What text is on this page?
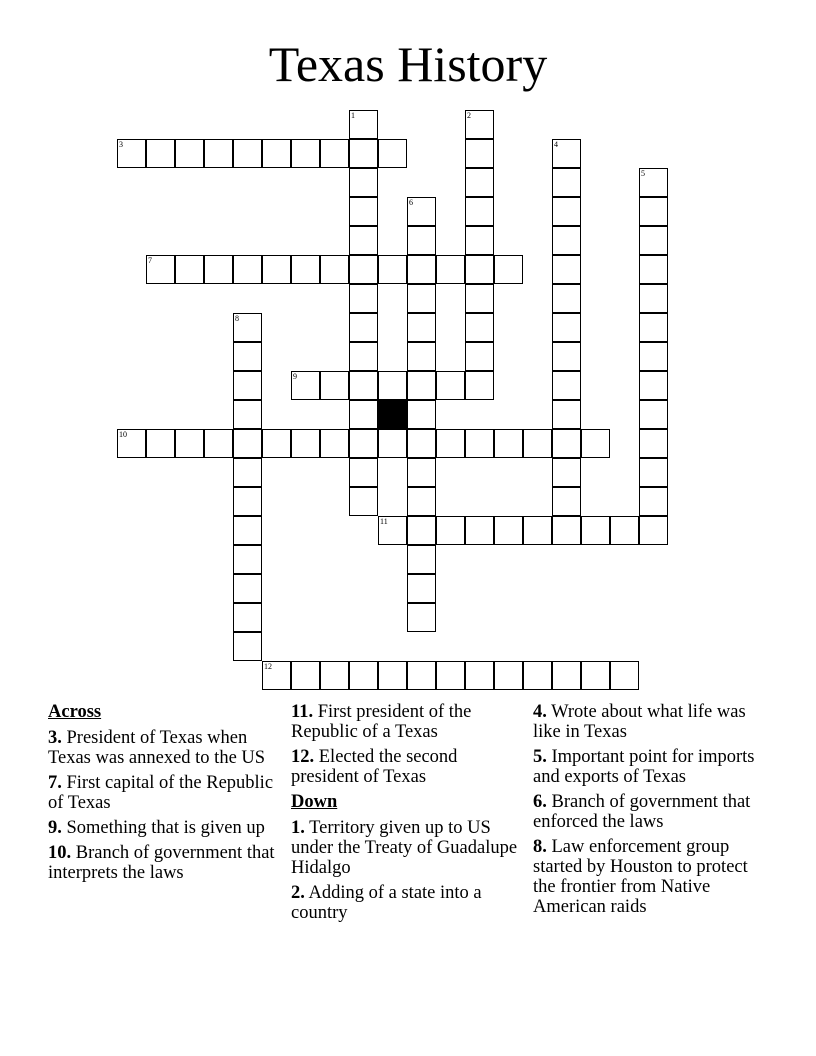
Texas History
1	2
3	4
5
6
7
8
9
10
11
12
Across
3. President of Texas when Texas was annexed to the US
7. First capital of the Republic of Texas
9. Something that is given up
10. Branch of government that interprets the laws
11. First president of the Republic of a Texas
12. Elected the second president of Texas
Down
1. Territory given up to US under the Treaty of Guadalupe Hidalgo
2. Adding of a state into a country
4. Wrote about what life was like in Texas
5. Important point for imports and exports of Texas
6. Branch of government that enforced the laws
8. Law enforcement group started by Houston to protect the frontier from Native American raids
